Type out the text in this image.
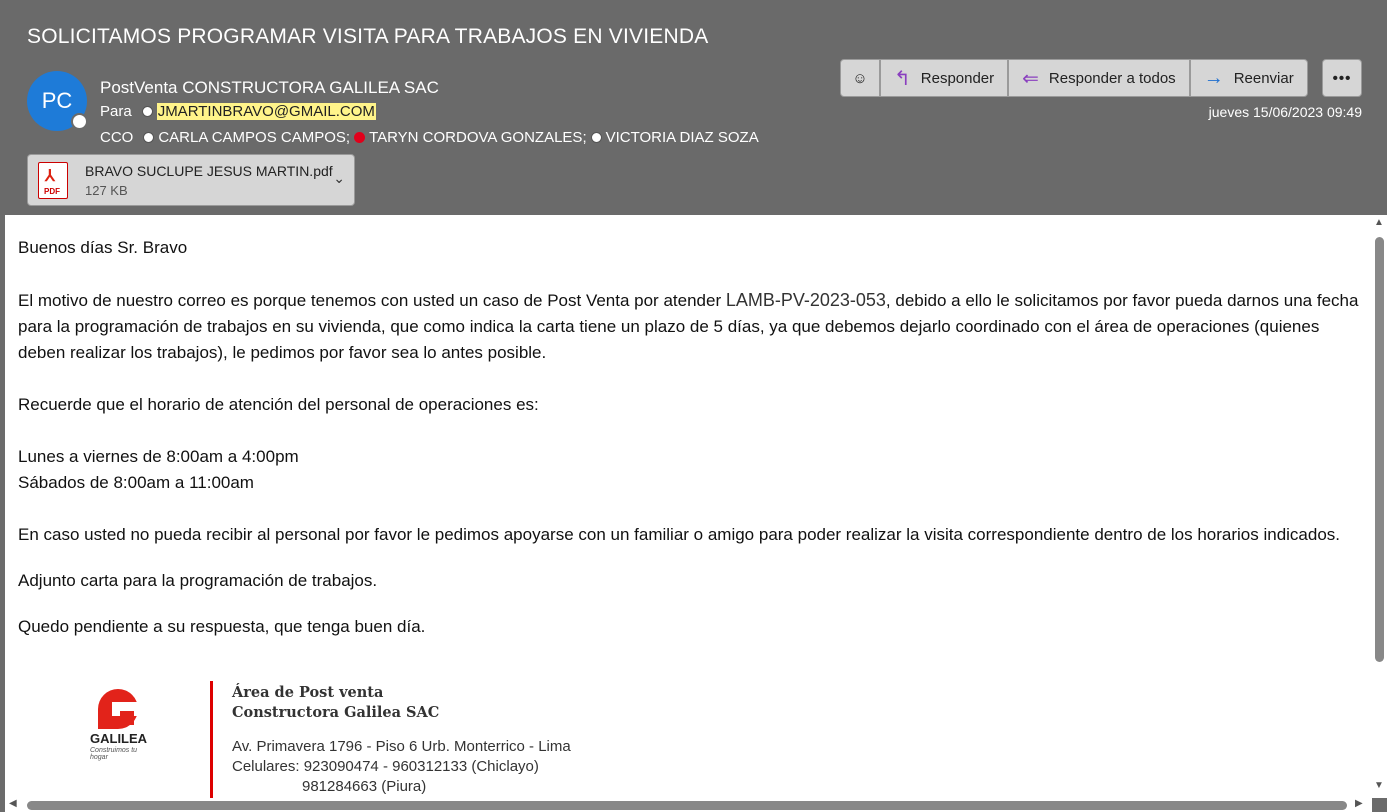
SOLICITAMOS PROGRAMAR VISITA PARA TRABAJOS EN VIVIENDA
PC
PostVenta CONSTRUCTORA GALILEA SAC
Para JMARTINBRAVO@GMAIL.COM
CCO CARLA CAMPOS CAMPOS; TARYN CORDOVA GONZALES; VICTORIA DIAZ SOZA
☺ ↰ Responder ⇐ Responder a todos → Reenviar	•••
jueves 15/06/2023 09:49
⅄
PDF
BRAVO SUCLUPE JESUS MARTIN.pdf
127 KB
⌄

Buenos días Sr. Bravo

El motivo de nuestro correo es porque tenemos con usted un caso de Post Venta por atender LAMB-PV-2023-053, debido a ello le solicitamos por favor pueda darnos una fecha para la programación de trabajos en su vivienda, que como indica la carta tiene un plazo de 5 días, ya que debemos dejarlo coordinado con el área de operaciones (quienes deben realizar los trabajos), le pedimos por favor sea lo antes posible.

Recuerde que el horario de atención del personal de operaciones es:

Lunes a viernes de 8:00am a 4:00pm
Sábados de 8:00am a 11:00am

En caso usted no pueda recibir al personal por favor le pedimos apoyarse con un familiar o amigo para poder realizar la visita correspondiente dentro de los horarios indicados.

Adjunto carta para la programación de trabajos.

Quedo pendiente a su respuesta, que tenga buen día.

GALILEA
Construimos tu hogar
Área de Post venta
Constructora Galilea SAC
Av. Primavera 1796 - Piso 6 Urb. Monterrico - Lima
Celulares: 923090474 - 960312133 (Chiclayo)
981284663 (Piura)
▲
▼
◀	▶
